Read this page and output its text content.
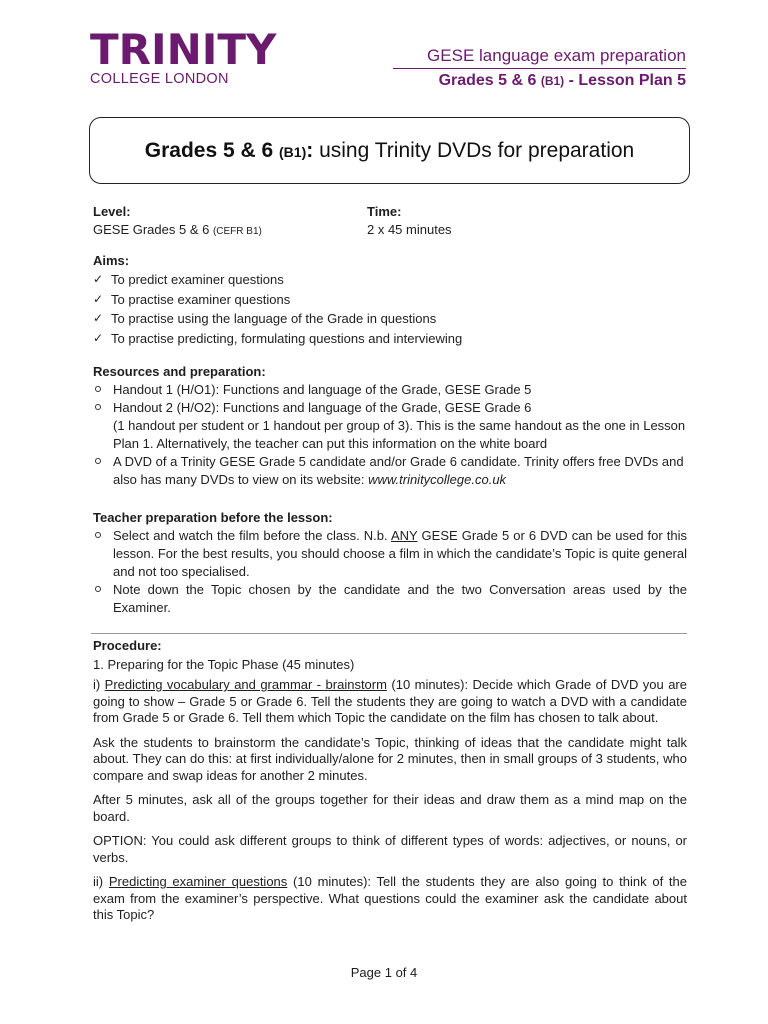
TRINITY
COLLEGE LONDON
GESE language exam preparation
Grades 5 & 6 (B1) - Lesson Plan 5
Grades 5 & 6 (B1): using Trinity DVDs for preparation
Level:
GESE Grades 5 & 6 (CEFR B1)
Time:
2 x 45 minutes
Aims:
✓ To predict examiner questions
✓ To practise examiner questions
✓ To practise using the language of the Grade in questions
✓ To practise predicting, formulating questions and interviewing
Resources and preparation:
Handout 1 (H/O1): Functions and language of the Grade, GESE Grade 5
Handout 2 (H/O2): Functions and language of the Grade, GESE Grade 6
(1 handout per student or 1 handout per group of 3). This is the same handout as the one in Lesson Plan 1. Alternatively, the teacher can put this information on the white board
A DVD of a Trinity GESE Grade 5 candidate and/or Grade 6 candidate. Trinity offers free DVDs and also has many DVDs to view on its website: www.trinitycollege.co.uk
Teacher preparation before the lesson:
Select and watch the film before the class. N.b. ANY GESE Grade 5 or 6 DVD can be used for this lesson. For the best results, you should choose a film in which the candidate’s Topic is quite general and not too specialised.
Note down the Topic chosen by the candidate and the two Conversation areas used by the Examiner.
Procedure:
1. Preparing for the Topic Phase (45 minutes)

i) Predicting vocabulary and grammar - brainstorm (10 minutes): Decide which Grade of DVD you are going to show – Grade 5 or Grade 6. Tell the students they are going to watch a DVD with a candidate from Grade 5 or Grade 6. Tell them which Topic the candidate on the film has chosen to talk about.

Ask the students to brainstorm the candidate’s Topic, thinking of ideas that the candidate might talk about. They can do this: at first individually/alone for 2 minutes, then in small groups of 3 students, who compare and swap ideas for another 2 minutes.

After 5 minutes, ask all of the groups together for their ideas and draw them as a mind map on the board.

OPTION: You could ask different groups to think of different types of words: adjectives, or nouns, or verbs.

ii) Predicting examiner questions (10 minutes): Tell the students they are also going to think of the exam from the examiner’s perspective. What questions could the examiner ask the candidate about this Topic?

Page 1 of 4
